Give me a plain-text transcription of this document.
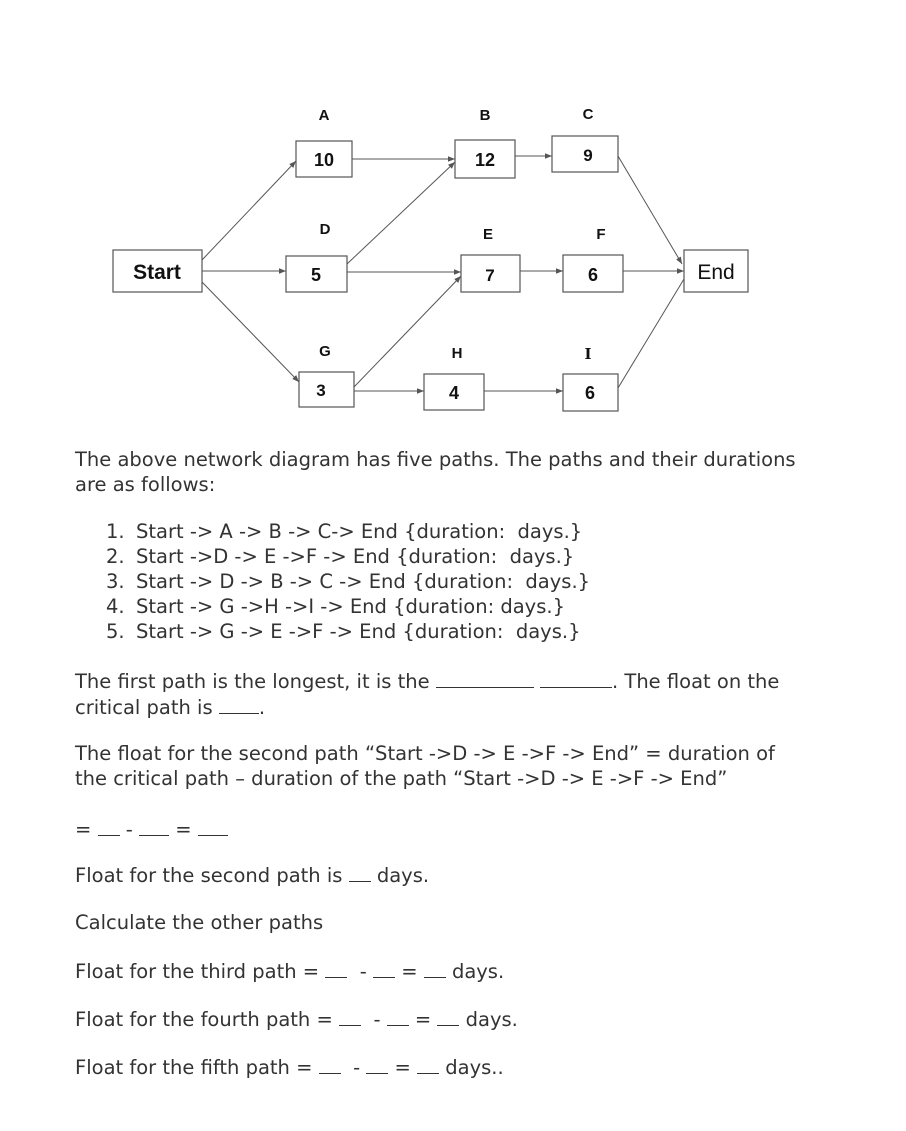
Start	End
A
10
B
12
C
9
D
5
E
7
F
6
G
3
H
4
I
6
The above network diagram has five paths. The paths and their durations are as follows:
1. Start -> A -> B -> C-> End {duration:  days.}
2. Start ->D -> E ->F -> End {duration:  days.}
3. Start -> D -> B -> C -> End {duration:  days.}
4. Start -> G ->H ->I -> End {duration: days.}
5. Start -> G -> E ->F -> End {duration:  days.}
The first path is the longest, it is the	. The float on the
critical path is .
The float for the second path “Start ->D -> E ->F -> End” = duration of
the critical path – duration of the path “Start ->D -> E ->F -> End”
= - =
Float for the second path is days.
Calculate the other paths
Float for the third path = - = days.
Float for the fourth path = - = days.
Float for the fifth path = - = days..
